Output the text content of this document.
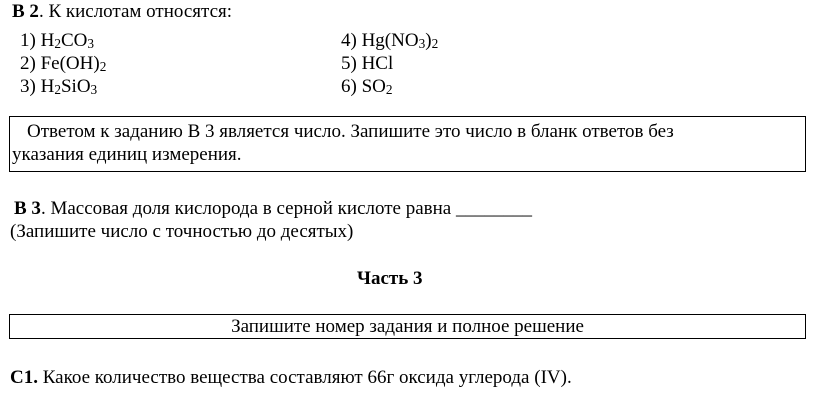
В 2. К кислотам относятся:
1) $H_2CO_3$
2) $Fe(OH)_2$
3) $H_2SiO_3$
4) $Hg(NO_3)_2$
5) HCl
6) $SO_2$
Ответом к заданию В 3 является число. Запишите это число в бланк ответов без
указания единиц измерения.
В 3. Массовая доля кислорода в серной кислоте равна ________
(Запишите число с точностью до десятых)
Часть 3
Запишите номер задания и полное решение
С1. Какое количество вещества составляют 66г оксида углерода (IV).
